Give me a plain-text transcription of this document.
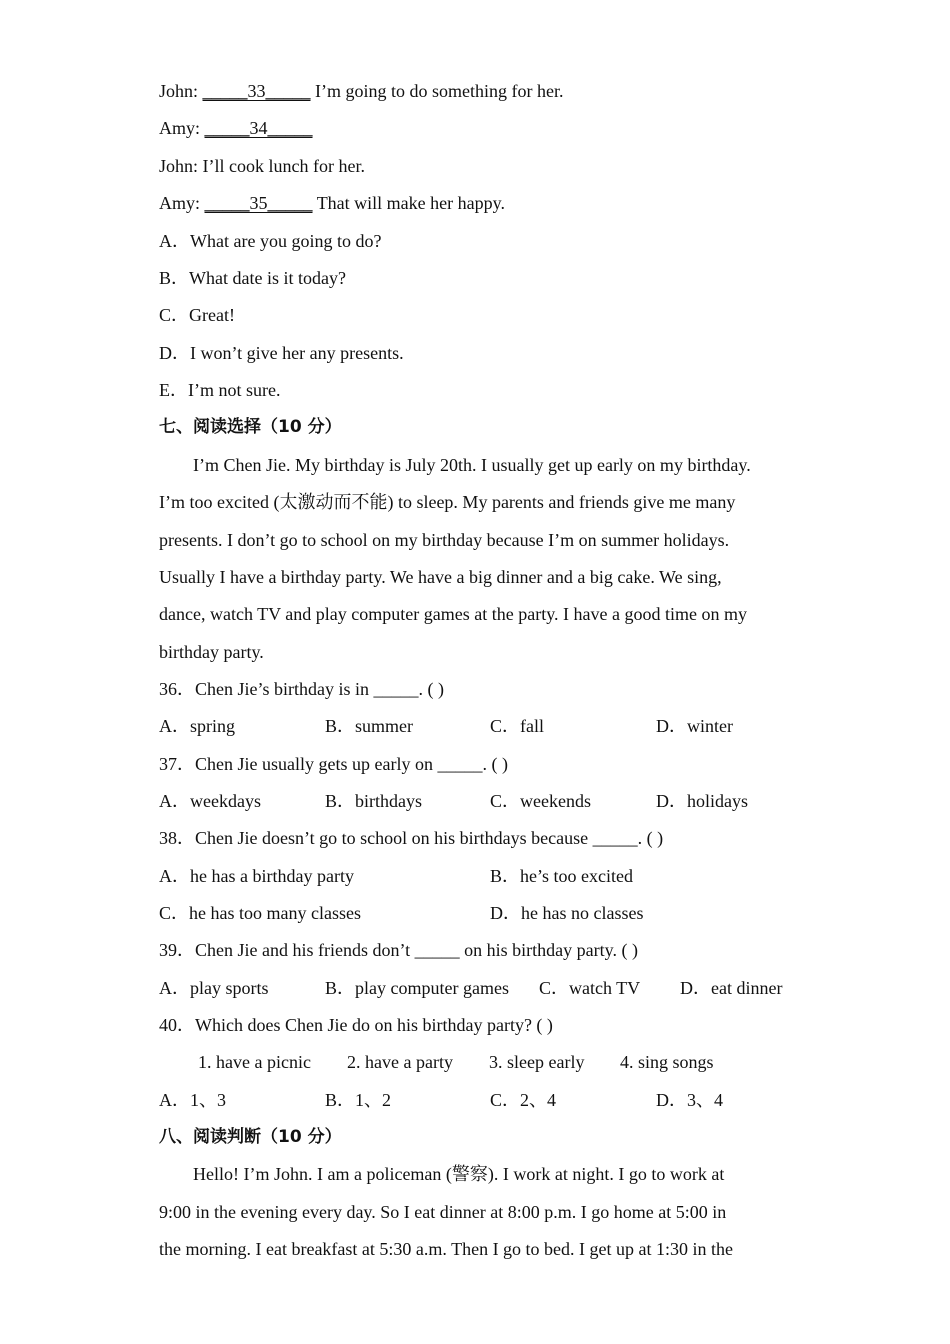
John: _____33_____ I’m going to do something for her.
Amy: _____34_____
John: I’ll cook lunch for her.
Amy: _____35_____ That will make her happy.
A．What are you going to do?
B．What date is it today?
C．Great!
D．I won’t give her any presents.
E．I’m not sure.
七、阅读选择（10 分）
I’m Chen Jie. My birthday is July 20th. I usually get up early on my birthday.
I’m too excited (太激动而不能) to sleep. My parents and friends give me many
presents. I don’t go to school on my birthday because I’m on summer holidays.
Usually I have a birthday party. We have a big dinner and a big cake. We sing,
dance, watch TV and play computer games at the party. I have a good time on my
birthday party.
36．Chen Jie’s birthday is in _____. ( )
A．spring	B．summer	C．fall	D．winter
37．Chen Jie usually gets up early on _____. ( )
A．weekdays	B．birthdays	C．weekends	D．holidays
38．Chen Jie doesn’t go to school on his birthdays because _____. ( )
A．he has a birthday party	B．he’s too excited
C．he has too many classes	D．he has no classes
39．Chen Jie and his friends don’t _____ on his birthday party. ( )
A．play sports	B．play computer games C．watch TV D．eat dinner
40．Which does Chen Jie do on his birthday party? ( )
1. have a picnic 2. have a party 3. sleep early 4. sing songs
A．1、3	B．1、2	C．2、4	D．3、4
八、阅读判断（10 分）
Hello! I’m John. I am a policeman (警察). I work at night. I go to work at
9:00 in the evening every day. So I eat dinner at 8:00 p.m. I go home at 5:00 in
the morning. I eat breakfast at 5:30 a.m. Then I go to bed. I get up at 1:30 in the
